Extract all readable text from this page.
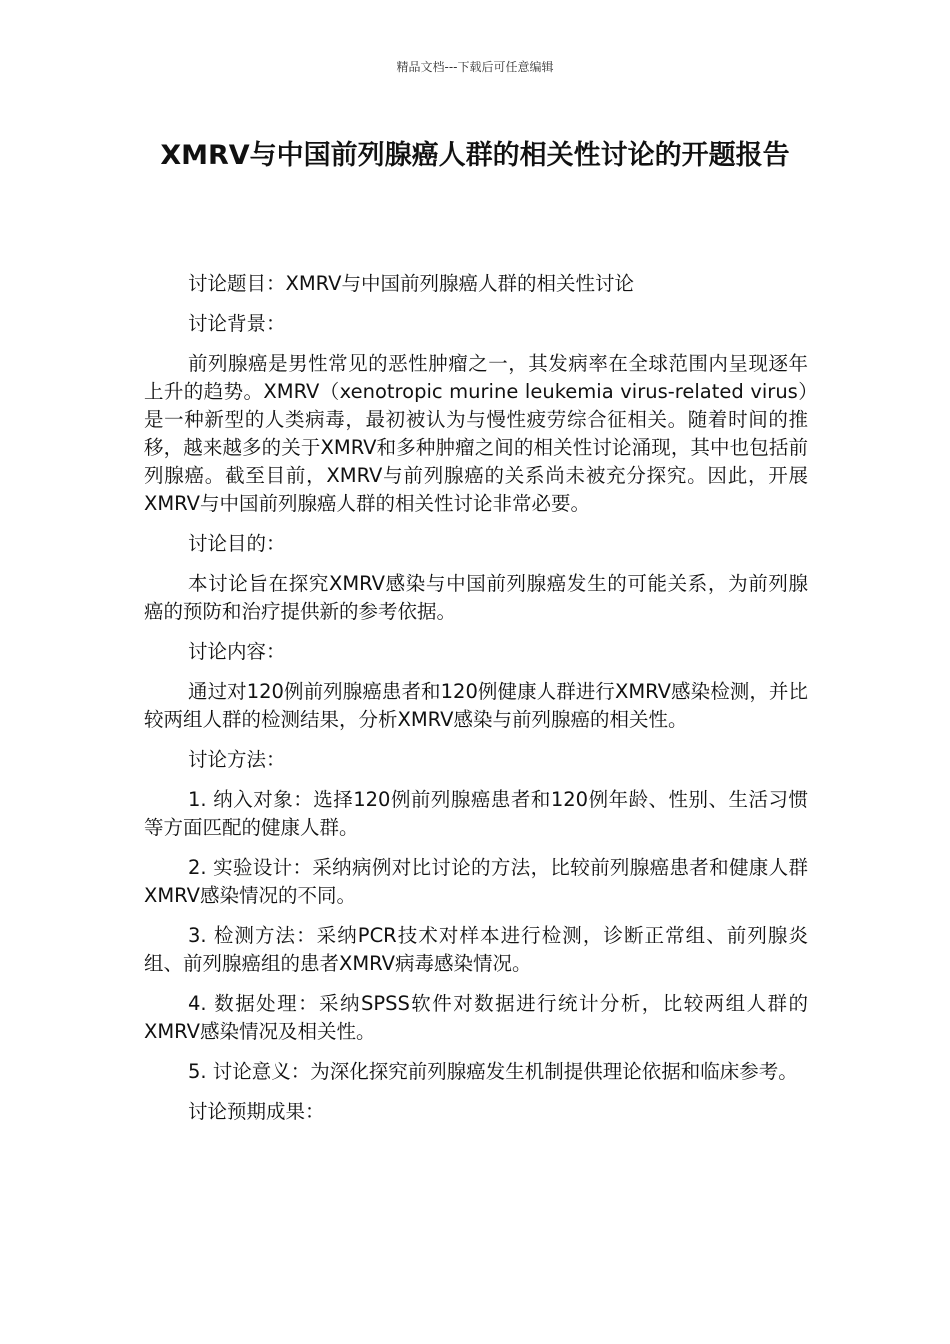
精品文档---下载后可任意编辑
XMRV与中国前列腺癌人群的相关性讨论的开题报告

讨论题目：XMRV与中国前列腺癌人群的相关性讨论

讨论背景：

前列腺癌是男性常见的恶性肿瘤之一，其发病率在全球范围内呈现逐年上升的趋势。XMRV（xenotropic murine leukemia virus-related virus）是一种新型的人类病毒，最初被认为与慢性疲劳综合征相关。随着时间的推移，越来越多的关于XMRV和多种肿瘤之间的相关性讨论涌现，其中也包括前列腺癌。截至目前，XMRV与前列腺癌的关系尚未被充分探究。因此，开展XMRV与中国前列腺癌人群的相关性讨论非常必要。

讨论目的：

本讨论旨在探究XMRV感染与中国前列腺癌发生的可能关系，为前列腺癌的预防和治疗提供新的参考依据。

讨论内容：

通过对120例前列腺癌患者和120例健康人群进行XMRV感染检测，并比较两组人群的检测结果，分析XMRV感染与前列腺癌的相关性。

讨论方法：

1. 纳入对象：选择120例前列腺癌患者和120例年龄、性别、生活习惯等方面匹配的健康人群。

2. 实验设计：采纳病例对比讨论的方法，比较前列腺癌患者和健康人群XMRV感染情况的不同。

3. 检测方法：采纳PCR技术对样本进行检测，诊断正常组、前列腺炎组、前列腺癌组的患者XMRV病毒感染情况。

4. 数据处理：采纳SPSS软件对数据进行统计分析，比较两组人群的XMRV感染情况及相关性。

5. 讨论意义：为深化探究前列腺癌发生机制提供理论依据和临床参考。

讨论预期成果：
